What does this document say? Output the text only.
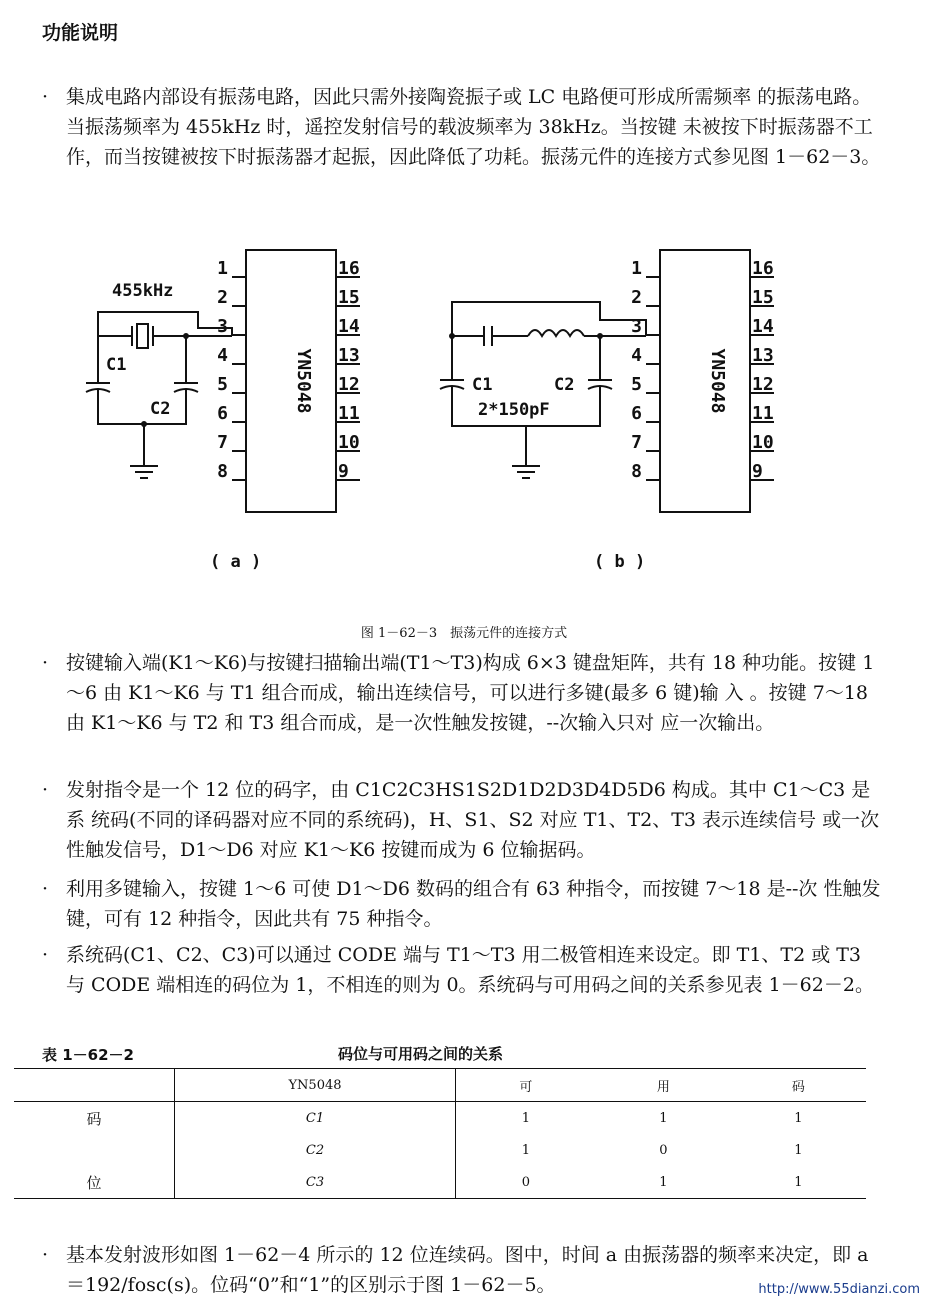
功能说明
· 集成电路内部设有振荡电路，因此只需外接陶瓷振子或 LC 电路便可形成所需频率 的振荡电路。当振荡频率为 455kHz 时，遥控发射信号的载波频率为 38kHz。当按键 未被按下时振荡器不工作，而当按键被按下时振荡器才起振，因此降低了功耗。振荡元件的连接方式参见图 1－62－3。
1
2
3
4
5
6
7
8
16
15
14
13
12
11
10
9
1
2
3
4
5
6
7
8
16
15
14
13
12
11
10
9
YN5048	YN5048
455kHz
C1
C2
C1	C2
2*150pF
( a )	( b )
图 1－62－3　振荡元件的连接方式
· 按键输入端(K1～K6)与按键扫描输出端(T1～T3)构成 6×3 键盘矩阵，共有 18 种功能。按键 1～6 由 K1～K6 与 T1 组合而成，输出连续信号，可以进行多键(最多 6 键)输 入 。按键 7～18 由 K1～K6 与 T2 和 T3 组合而成，是一次性触发按键，--次输入只对 应一次输出。
· 发射指令是一个 12 位的码字，由 C1C2C3HS1S2D1D2D3D4D5D6 构成。其中 C1～C3 是系 统码(不同的译码器对应不同的系统码)，H、S1、S2 对应 T1、T2、T3 表示连续信号 或一次性触发信号，D1～D6 对应 K1～K6 按键而成为 6 位输据码。
· 利用多键输入，按键 1～6 可使 D1～D6 数码的组合有 63 种指令，而按键 7～18 是--次 性触发键，可有 12 种指令，因此共有 75 种指令。
· 系统码(C1、C2、C3)可以通过 CODE 端与 T1～T3 用二极管相连来设定。即 T1、T2 或 T3 与 CODE 端相连的码位为 1，不相连的则为 0。系统码与可用码之间的关系参见表 1－62－2。
表 1－62－2	码位与可用码之间的关系
	YN5048	可	用	码
码	C1	1	1	1
	C2	1	0	1
位	C3	0	1	1
· 基本发射波形如图 1－62－4 所示的 12 位连续码。图中，时间 a 由振荡器的频率来决定，即 a＝192/fosc(s)。位码“0”和“1”的区别示于图 1－62－5。	http://www.55dianzi.com
